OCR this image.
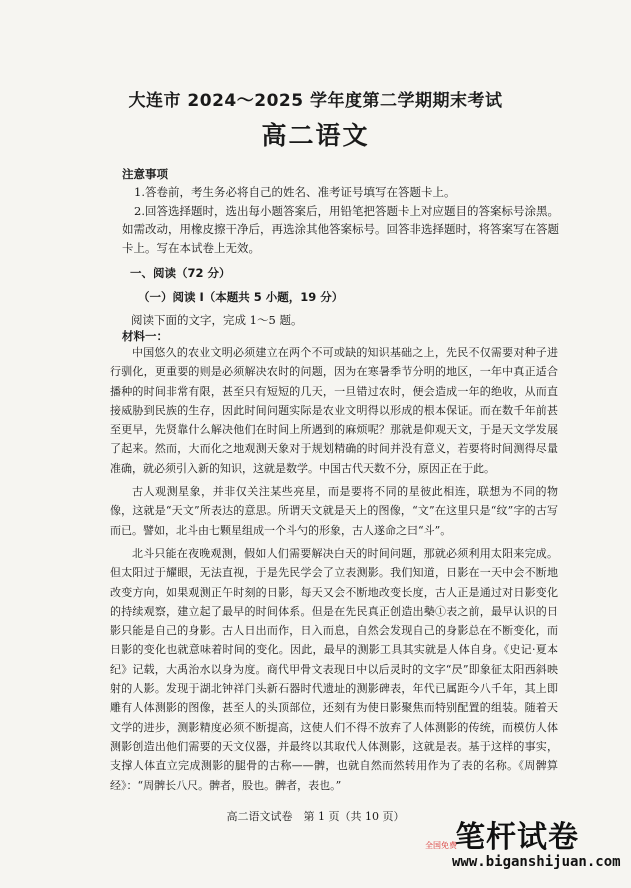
大连市 2024～2025 学年度第二学期期末考试
高二语文
注意事项

1.答卷前，考生务必将自己的姓名、准考证号填写在答题卡上。

2.回答选择题时，选出每小题答案后，用铅笔把答题卡上对应题目的答案标号涂黑。如需改动，用橡皮擦干净后，再选涂其他答案标号。回答非选择题时，将答案写在答题卡上。写在本试卷上无效。

一、阅读（72 分）
（一）阅读 I（本题共 5 小题，19 分）
阅读下面的文字，完成 1～5 题。
材料一：

中国悠久的农业文明必须建立在两个不可或缺的知识基础之上，先民不仅需要对种子进行驯化，更重要的则是必须解决农时的问题，因为在寒暑季节分明的地区，一年中真正适合播种的时间非常有限，甚至只有短短的几天，一旦错过农时，便会造成一年的绝收，从而直接威胁到民族的生存，因此时间问题实际是农业文明得以形成的根本保证。而在数千年前甚至更早，先贤靠什么解决他们在时间上所遇到的麻烦呢？那就是仰观天文，于是天文学发展了起来。然而，大而化之地观测天象对于规划精确的时间并没有意义，若要将时间测得尽量准确，就必须引入新的知识，这就是数学。中国古代天数不分，原因正在于此。

古人观测星象，并非仅关注某些亮星，而是要将不同的星彼此相连，联想为不同的物像，这就是“天文”所表达的意思。所谓天文就是天上的图像，“文”在这里只是“纹”字的古写而已。譬如，北斗由七颗星组成一个斗勺的形象，古人遂命之曰“斗”。

北斗只能在夜晚观测，假如人们需要解决白天的时间问题，那就必须利用太阳来完成。但太阳过于耀眼，无法直视，于是先民学会了立表测影。我们知道，日影在一天中会不断地改变方向，如果观测正午时刻的日影，每天又会不断地改变长度，古人正是通过对日影变化的持续观察，建立起了最早的时间体系。但是在先民真正创造出槷①表之前，最早认识的日影只能是自己的身影。古人日出而作，日入而息，自然会发现自己的身影总在不断变化，而日影的变化也就意味着时间的变化。因此，最早的测影工具其实就是人体自身。《史记·夏本纪》记载，大禹治水以身为度。商代甲骨文表现日中以后灵时的文字“昃”即象征太阳西斜映射的人影。发现于湖北钟祥门头新石器时代遗址的测影碑表，年代已属距今八千年，其上即雕有人体测影的图像，甚至人的头顶部位，还刻有为使日影聚焦而特别配置的组装。随着天文学的进步，测影精度必须不断提高，这使人们不得不放弃了人体测影的传统，而模仿人体测影创造出他们需要的天文仪器，并最终以其取代人体测影，这就是表。基于这样的事实，支撑人体直立完成测影的腿骨的古称——髀，也就自然而然转用作为了表的名称。《周髀算经》：“周髀长八尺。髀者，股也。髀者，表也。”

高二语文试卷　第 1 页（共 10 页）
笔杆试卷
全国免费
www.biganshijuan.com
